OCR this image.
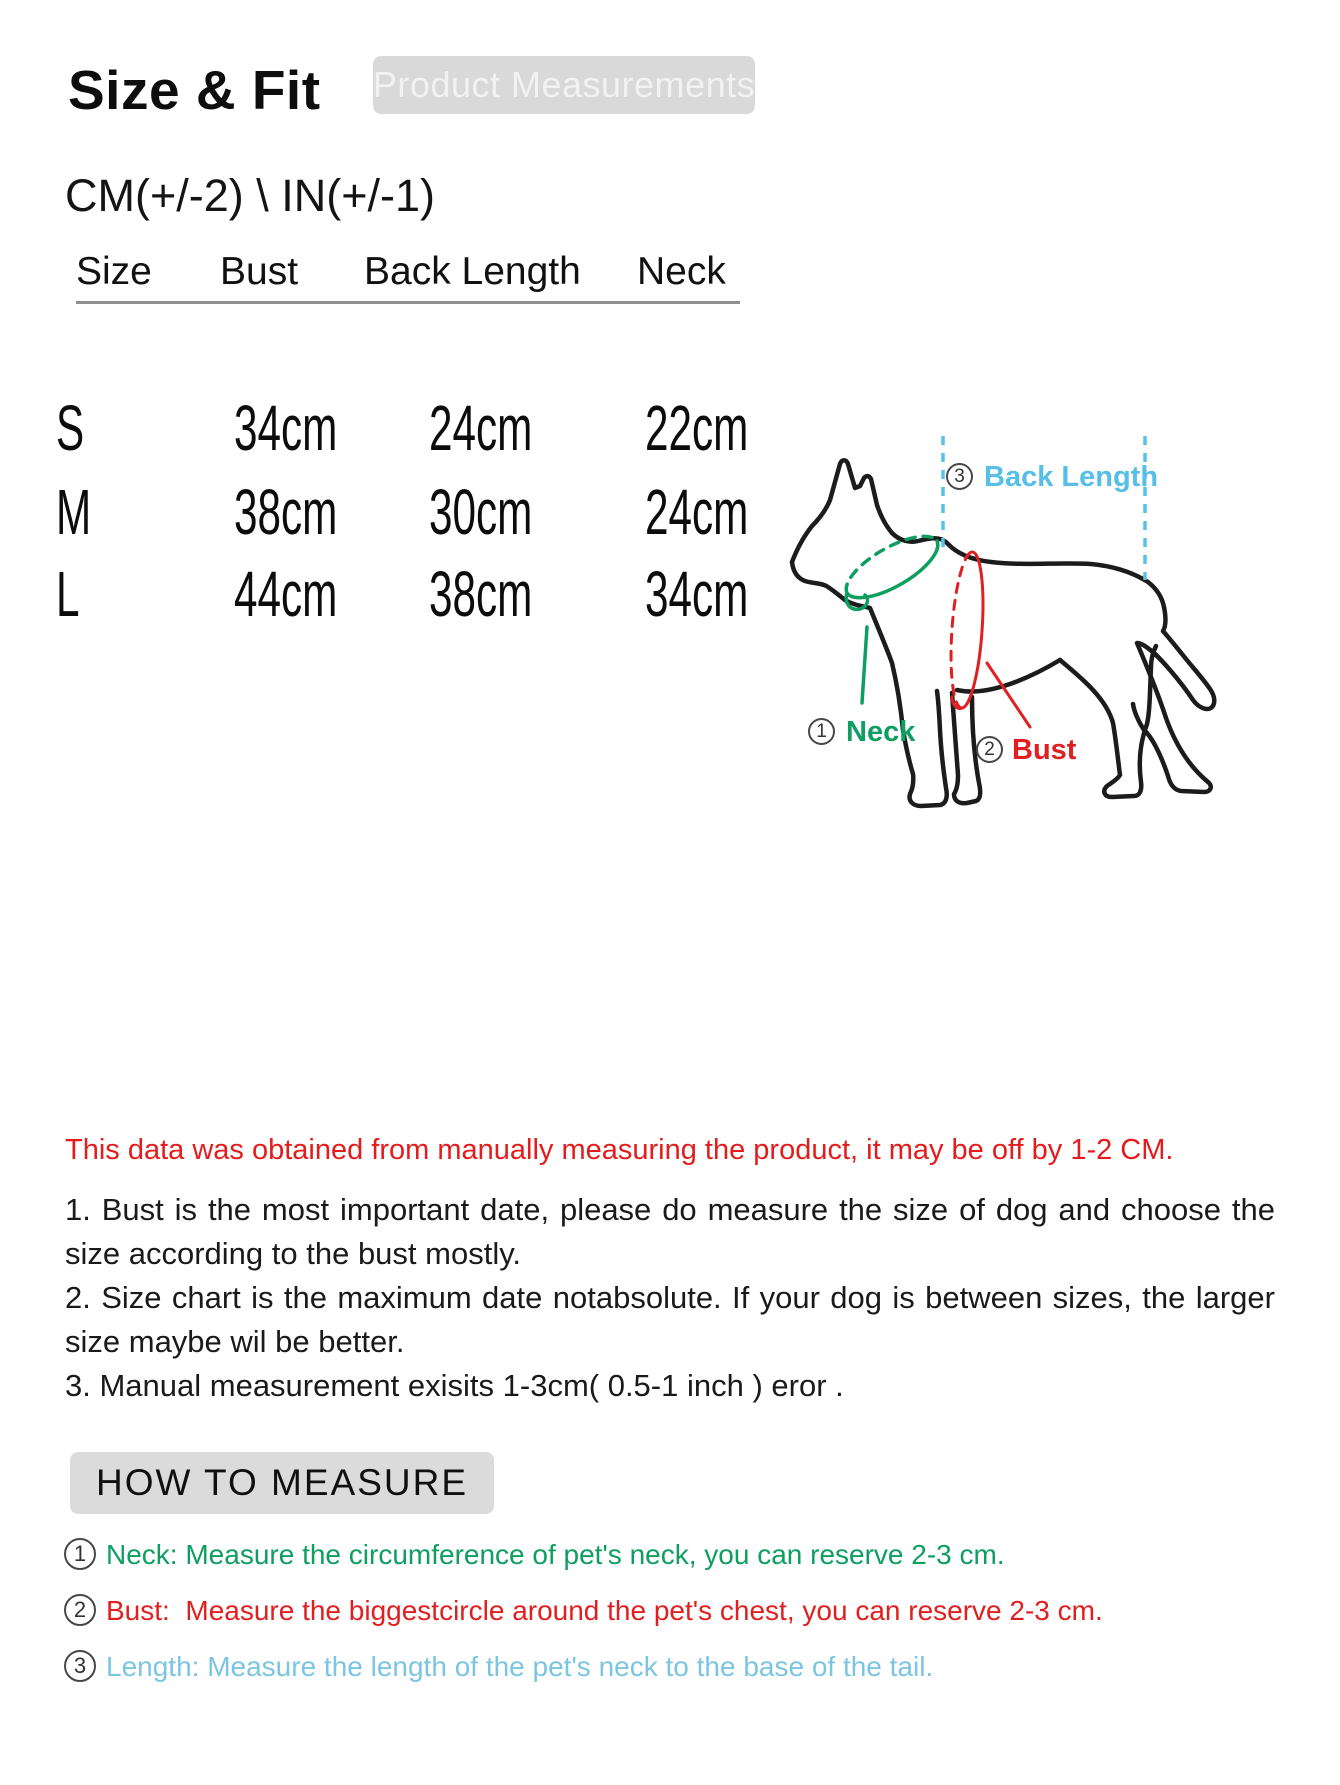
Size & Fit Product Measurements
CM(+/-2) \ IN(+/-1)
Size Bust Back Length Neck
S 34cm 24cm 22cm
M 38cm 30cm 24cm
L 44cm 38cm 34cm
3 Back Length
1 Neck
2 Bust
This data was obtained from manually measuring the product, it may be off by 1-2 CM.

1. Bust is the most important date, please do measure the size of dog and choose the size according to the bust mostly.

2. Size chart is the maximum date notabsolute. If your dog is between sizes, the larger size maybe wil be better.

3. Manual measurement exisits 1-3cm( 0.5-1 inch ) eror .

HOW TO MEASURE
1 Neck: Measure the circumference of pet's neck, you can reserve 2-3 cm.
2 Bust:  Measure the biggestcircle around the pet's chest, you can reserve 2-3 cm.
3 Length: Measure the length of the pet's neck to the base of the tail.
